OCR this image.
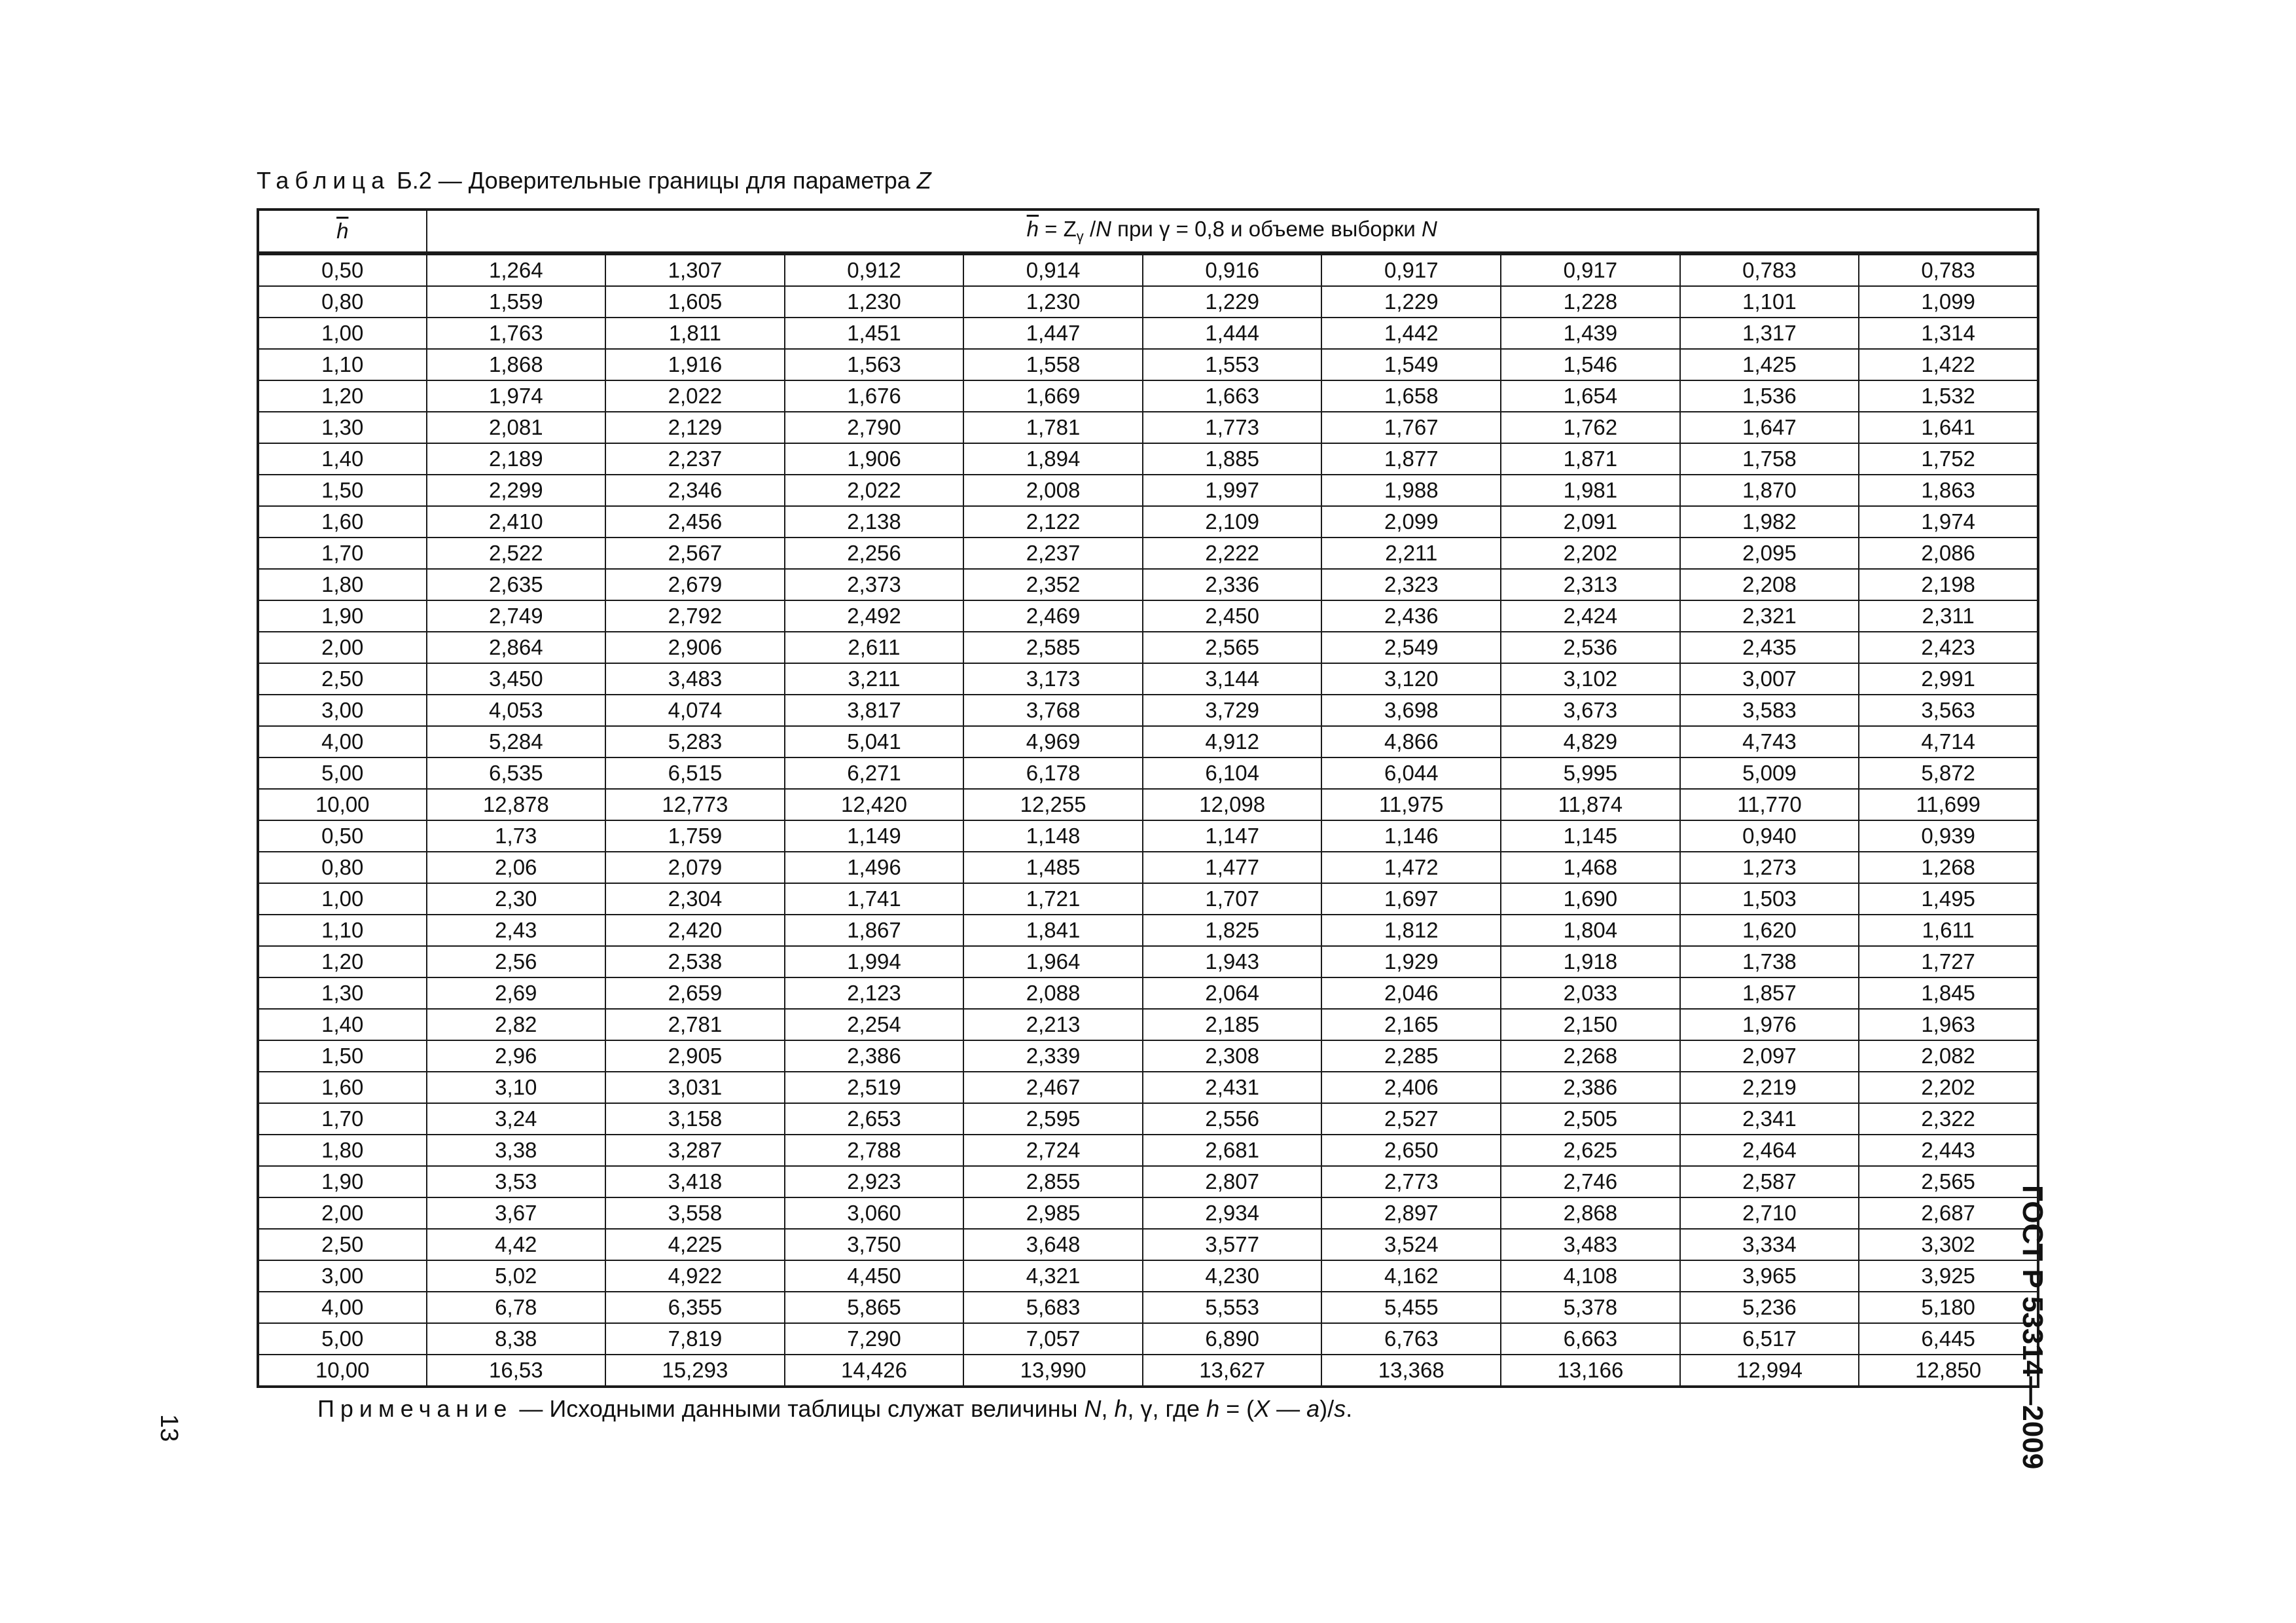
Таблица Б.2 — Доверительные границы для параметра Z
$\overline{h}$	$\overline{h} = Z_\gamma$ /N при γ = 0,8 и объеме выборки N								
0,50	1,264	1,307	0,912	0,914	0,916	0,917	0,917	0,783	0,783
0,80	1,559	1,605	1,230	1,230	1,229	1,229	1,228	1,101	1,099
1,00	1,763	1,811	1,451	1,447	1,444	1,442	1,439	1,317	1,314
1,10	1,868	1,916	1,563	1,558	1,553	1,549	1,546	1,425	1,422
1,20	1,974	2,022	1,676	1,669	1,663	1,658	1,654	1,536	1,532
1,30	2,081	2,129	2,790	1,781	1,773	1,767	1,762	1,647	1,641
1,40	2,189	2,237	1,906	1,894	1,885	1,877	1,871	1,758	1,752
1,50	2,299	2,346	2,022	2,008	1,997	1,988	1,981	1,870	1,863
1,60	2,410	2,456	2,138	2,122	2,109	2,099	2,091	1,982	1,974
1,70	2,522	2,567	2,256	2,237	2,222	2,211	2,202	2,095	2,086
1,80	2,635	2,679	2,373	2,352	2,336	2,323	2,313	2,208	2,198
1,90	2,749	2,792	2,492	2,469	2,450	2,436	2,424	2,321	2,311
2,00	2,864	2,906	2,611	2,585	2,565	2,549	2,536	2,435	2,423
2,50	3,450	3,483	3,211	3,173	3,144	3,120	3,102	3,007	2,991
3,00	4,053	4,074	3,817	3,768	3,729	3,698	3,673	3,583	3,563
4,00	5,284	5,283	5,041	4,969	4,912	4,866	4,829	4,743	4,714
5,00	6,535	6,515	6,271	6,178	6,104	6,044	5,995	5,009	5,872
10,00	12,878	12,773	12,420	12,255	12,098	11,975	11,874	11,770	11,699
0,50	1,73	1,759	1,149	1,148	1,147	1,146	1,145	0,940	0,939
0,80	2,06	2,079	1,496	1,485	1,477	1,472	1,468	1,273	1,268
1,00	2,30	2,304	1,741	1,721	1,707	1,697	1,690	1,503	1,495
1,10	2,43	2,420	1,867	1,841	1,825	1,812	1,804	1,620	1,611
1,20	2,56	2,538	1,994	1,964	1,943	1,929	1,918	1,738	1,727
1,30	2,69	2,659	2,123	2,088	2,064	2,046	2,033	1,857	1,845
1,40	2,82	2,781	2,254	2,213	2,185	2,165	2,150	1,976	1,963
1,50	2,96	2,905	2,386	2,339	2,308	2,285	2,268	2,097	2,082
1,60	3,10	3,031	2,519	2,467	2,431	2,406	2,386	2,219	2,202
1,70	3,24	3,158	2,653	2,595	2,556	2,527	2,505	2,341	2,322
1,80	3,38	3,287	2,788	2,724	2,681	2,650	2,625	2,464	2,443
1,90	3,53	3,418	2,923	2,855	2,807	2,773	2,746	2,587	2,565
2,00	3,67	3,558	3,060	2,985	2,934	2,897	2,868	2,710	2,687
2,50	4,42	4,225	3,750	3,648	3,577	3,524	3,483	3,334	3,302
3,00	5,02	4,922	4,450	4,321	4,230	4,162	4,108	3,965	3,925
4,00	6,78	6,355	5,865	5,683	5,553	5,455	5,378	5,236	5,180
5,00	8,38	7,819	7,290	7,057	6,890	6,763	6,663	6,517	6,445
10,00	16,53	15,293	14,426	13,990	13,627	13,368	13,166	12,994	12,850
Примечание — Исходными данными таблицы служат величины N, h, γ, где h = (X — a)/s.	ГОСТ Р 53314—2009
13
